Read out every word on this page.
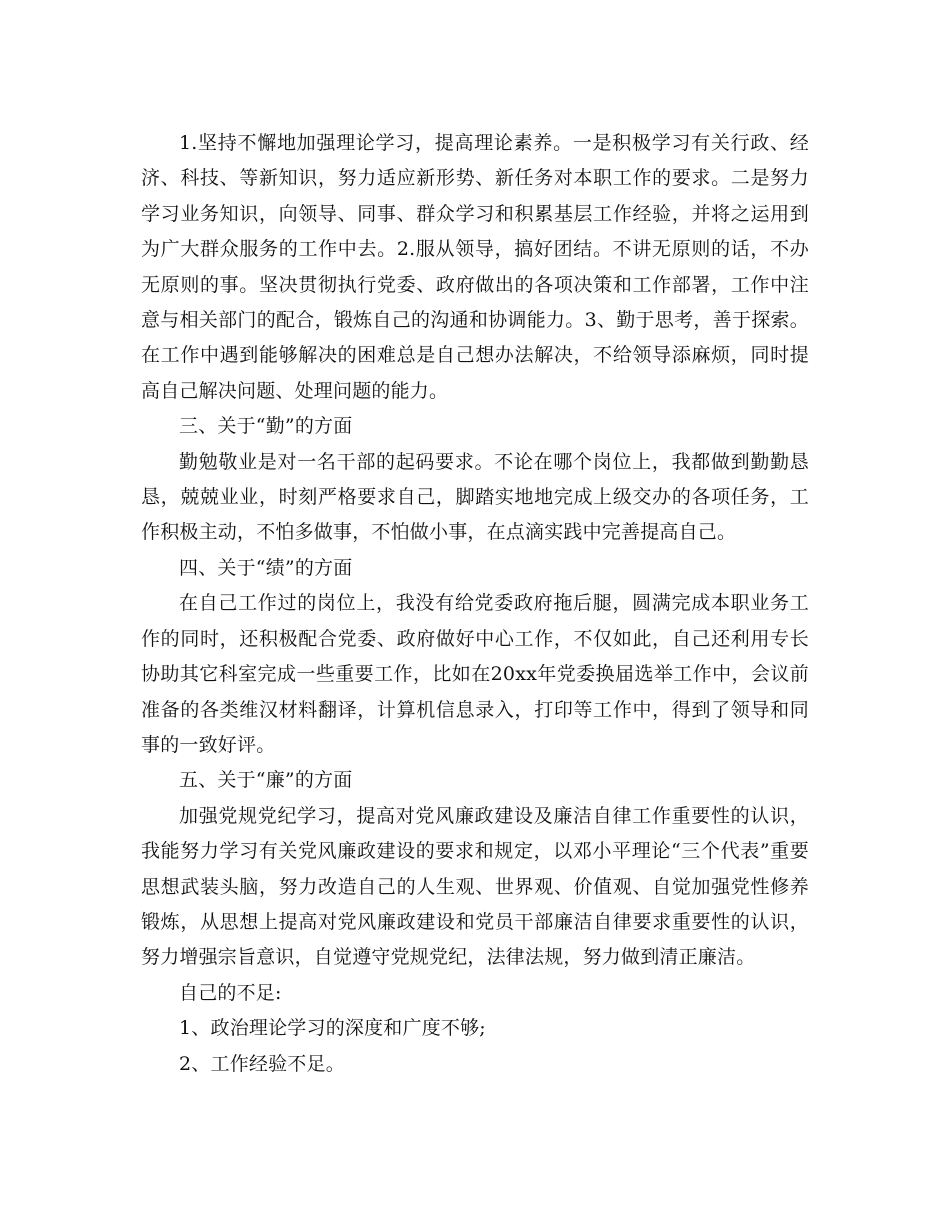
1.坚持不懈地加强理论学习，提高理论素养。一是积极学习有关行政、经济、科技、等新知识，努力适应新形势、新任务对本职工作的要求。二是努力学习业务知识，向领导、同事、群众学习和积累基层工作经验，并将之运用到为广大群众服务的工作中去。2.服从领导，搞好团结。不讲无原则的话，不办无原则的事。坚决贯彻执行党委、政府做出的各项决策和工作部署，工作中注意与相关部门的配合，锻炼自己的沟通和协调能力。3、勤于思考，善于探索。在工作中遇到能够解决的困难总是自己想办法解决，不给领导添麻烦，同时提高自己解决问题、处理问题的能力。

三、关于“勤”的方面

勤勉敬业是对一名干部的起码要求。不论在哪个岗位上，我都做到勤勤恳恳，兢兢业业，时刻严格要求自己，脚踏实地地完成上级交办的各项任务，工作积极主动，不怕多做事，不怕做小事，在点滴实践中完善提高自己。

四、关于“绩”的方面

在自己工作过的岗位上，我没有给党委政府拖后腿，圆满完成本职业务工作的同时，还积极配合党委、政府做好中心工作，不仅如此，自己还利用专长协助其它科室完成一些重要工作，比如在20xx年党委换届选举工作中，会议前准备的各类维汉材料翻译，计算机信息录入，打印等工作中，得到了领导和同事的一致好评。

五、关于“廉”的方面

加强党规党纪学习，提高对党风廉政建设及廉洁自律工作重要性的认识，我能努力学习有关党风廉政建设的要求和规定，以邓小平理论“三个代表”重要思想武装头脑，努力改造自己的人生观、世界观、价值观、自觉加强党性修养锻炼，从思想上提高对党风廉政建设和党员干部廉洁自律要求重要性的认识，努力增强宗旨意识，自觉遵守党规党纪，法律法规，努力做到清正廉洁。

自己的不足:

1、政治理论学习的深度和广度不够;

2、工作经验不足。
